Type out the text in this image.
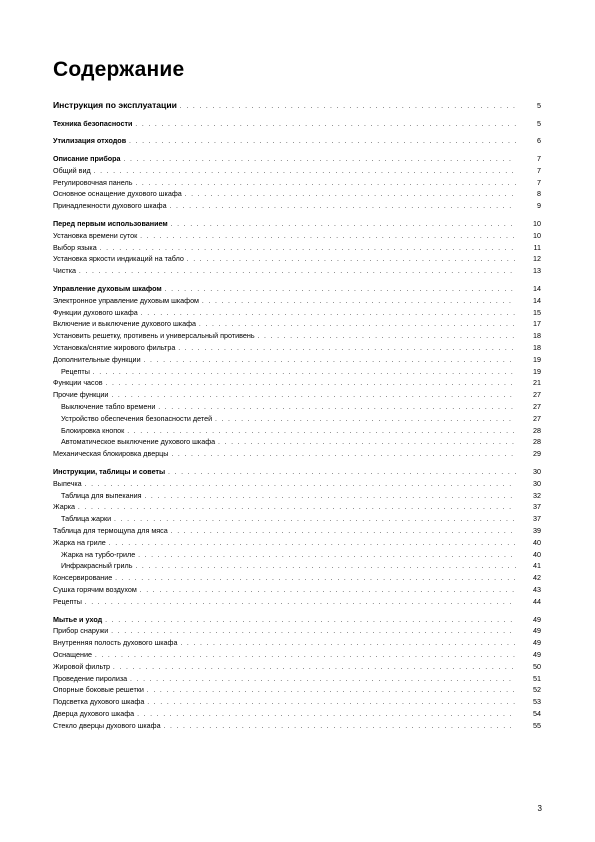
Содержание
Инструкция по эксплуатации . . .	5
Техника безопасности . . .	5
Утилизация отходов . . .	6
Описание прибора . . .	7
Общий вид . . .	7
Регулировочная панель . . .	7
Основное оснащение духового шкафа . . .	8
Принадлежности духового шкафа . . .	9
Перед первым использованием . . .	10
Установка времени суток . . .	10
Выбор языка . . .	11
Установка яркости индикаций на табло . . .	12
Чистка . . .	13
Управление духовым шкафом . . .	14
Электронное управление духовым шкафом . . .	14
Функции духового шкафа . . .	15
Включение и выключение духового шкафа . . .	17
Установить решетку, противень и универсальный противень . . .	18
Установка/снятие жирового фильтра . . .	18
Дополнительные функции . . .	19
Рецепты . . .	19
Функции часов . . .	21
Прочие функции . . .	27
Выключение табло времени . . .	27
Устройство обеспечения безопасности детей . . .	27
Блокировка кнопок . . .	28
Автоматическое выключение духового шкафа . . .	28
Механическая блокировка дверцы . . .	29
Инструкции, таблицы и советы . . .	30
Выпечка . . .	30
Таблица для выпекания . . .	32
Жарка . . .	37
Таблица жарки . . .	37
Таблица для термощупа для мяса . . .	39
Жарка на гриле . . .	40
Жарка на турбо-гриле . . .	40
Инфракрасный гриль . . .	41
Консервирование . . .	42
Сушка горячим воздухом . . .	43
Рецепты . . .	44
Мытье и уход . . .	49
Прибор снаружи . . .	49
Внутренняя полость духового шкафа . . .	49
Оснащение . . .	49
Жировой фильтр . . .	50
Проведение пиролиза . . .	51
Опорные боковые решетки . . .	52
Подсветка духового шкафа . . .	53
Дверца духового шкафа . . .	54
Стекло дверцы духового шкафа . . .	55
3
